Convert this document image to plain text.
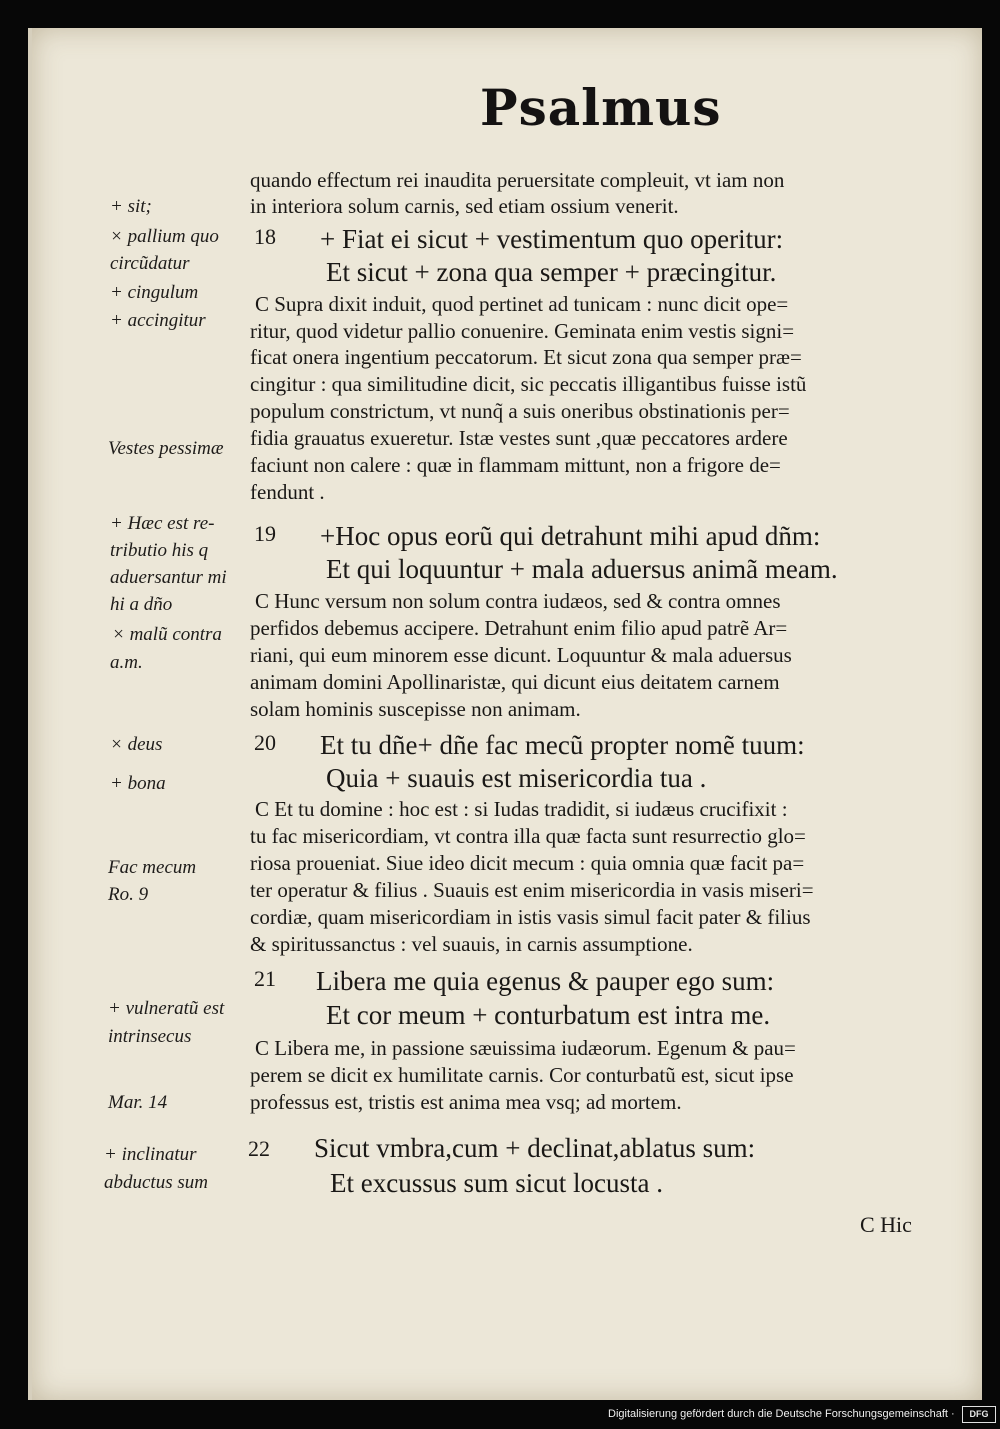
Psalmus

quando effectum rei inaudita peruersitate compleuit, vt iam non

in interiora solum carnis, sed etiam ossium venerit.

+ Fiat ei sicut + vestimentum quo operitur:

Et sicut + zona qua semper + præcingitur.

C Supra dixit induit, quod pertinet ad tunicam : nunc dicit ope=

ritur, quod videtur pallio conuenire. Geminata enim vestis signi=

ficat onera ingentium peccatorum. Et sicut zona qua semper præ=

cingitur : qua similitudine dicit, sic peccatis illigantibus fuisse istũ

populum constrictum, vt nunq̃ a suis oneribus obstinationis per=

fidia grauatus exueretur. Istæ vestes sunt ,quæ peccatores ardere

faciunt non calere : quæ in flammam mittunt, non a frigore de=

fendunt .

+Hoc opus eorũ qui detrahunt mihi apud dñm:

Et qui loquuntur + mala aduersus animã meam.

C Hunc versum non solum contra iudæos, sed & contra omnes

perfidos debemus accipere. Detrahunt enim filio apud patrẽ Ar=

riani, qui eum minorem esse dicunt. Loquuntur & mala aduersus

animam domini Apollinaristæ, qui dicunt eius deitatem carnem

solam hominis suscepisse non animam.

Et tu dñe+ dñe fac mecũ propter nomẽ tuum:

Quia + suauis est misericordia tua .

C Et tu domine : hoc est : si Iudas tradidit, si iudæus crucifixit :

tu fac misericordiam, vt contra illa quæ facta sunt resurrectio glo=

riosa proueniat. Siue ideo dicit mecum : quia omnia quæ facit pa=

ter operatur & filius . Suauis est enim misericordia in vasis miseri=

cordiæ, quam misericordiam in istis vasis simul facit pater & filius

& spiritussanctus : vel suauis, in carnis assumptione.

Libera me quia egenus & pauper ego sum:

Et cor meum + conturbatum est intra me.

C Libera me, in passione sæuissima iudæorum. Egenum & pau=

perem se dicit ex humilitate carnis. Cor conturbatũ est, sicut ipse

professus est, tristis est anima mea vsq; ad mortem.

Sicut vmbra,cum + declinat,ablatus sum:

Et excussus sum sicut locusta .

C Hic

18

19

20

21

22

+ sit;

× pallium quo

circũdatur

+ cingulum

+ accingitur

Vestes pessimæ

+ Hæc est re-

tributio his q

aduersantur mi

hi a dño

× malũ contra

a.m.

× deus

+ bona

Fac mecum

Ro. 9

+ vulneratũ est

intrinsecus

Mar. 14

+ inclinatur

abductus sum

Digitalisierung gefördert durch die Deutsche Forschungsgemeinschaft ·	DFG
